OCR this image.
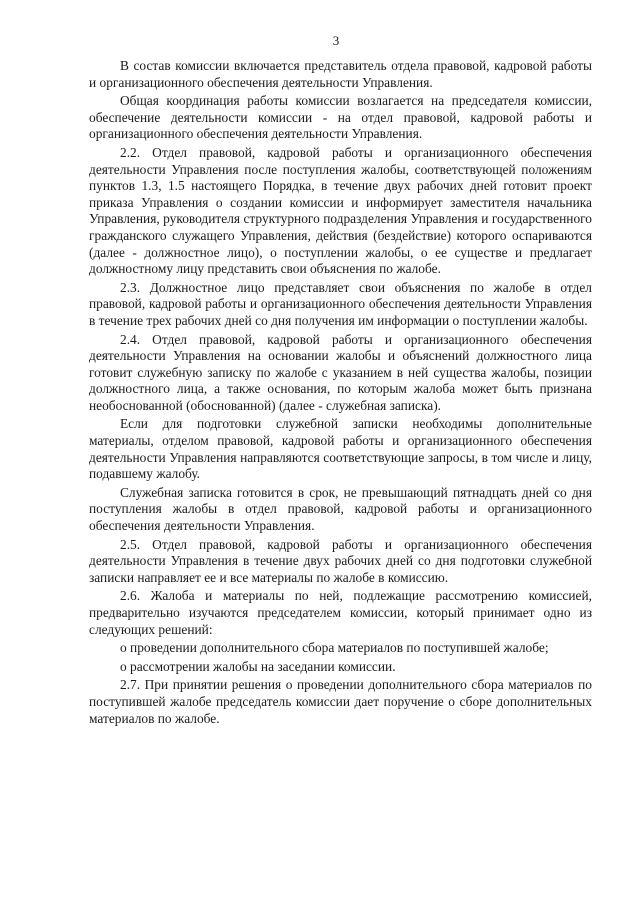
3

В состав комиссии включается представитель отдела правовой, кадровой работы и организационного обеспечения деятельности Управления.

Общая координация работы комиссии возлагается на председателя комиссии, обеспечение деятельности комиссии - на отдел правовой, кадровой работы и организационного обеспечения деятельности Управления.

2.2. Отдел правовой, кадровой работы и организационного обеспечения деятельности Управления после поступления жалобы, соответствующей положениям пунктов 1.3, 1.5 настоящего Порядка, в течение двух рабочих дней готовит проект приказа Управления о создании комиссии и информирует заместителя начальника Управления, руководителя структурного подразделения Управления и государственного гражданского служащего Управления, действия (бездействие) которого оспариваются (далее - должностное лицо), о поступлении жалобы, о ее существе и предлагает должностному лицу представить свои объяснения по жалобе.

2.3. Должностное лицо представляет свои объяснения по жалобе в отдел правовой, кадровой работы и организационного обеспечения деятельности Управления в течение трех рабочих дней со дня получения им информации о поступлении жалобы.

2.4. Отдел правовой, кадровой работы и организационного обеспечения деятельности Управления на основании жалобы и объяснений должностного лица готовит служебную записку по жалобе с указанием в ней существа жалобы, позиции должностного лица, а также основания, по которым жалоба может быть признана необоснованной (обоснованной) (далее - служебная записка).

Если для подготовки служебной записки необходимы дополнительные материалы, отделом правовой, кадровой работы и организационного обеспечения деятельности Управления направляются соответствующие запросы, в том числе и лицу, подавшему жалобу.

Служебная записка готовится в срок, не превышающий пятнадцать дней со дня поступления жалобы в отдел правовой, кадровой работы и организационного обеспечения деятельности Управления.

2.5. Отдел правовой, кадровой работы и организационного обеспечения деятельности Управления в течение двух рабочих дней со дня подготовки служебной записки направляет ее и все материалы по жалобе в комиссию.

2.6. Жалоба и материалы по ней, подлежащие рассмотрению комиссией, предварительно изучаются председателем комиссии, который принимает одно из следующих решений:

о проведении дополнительного сбора материалов по поступившей жалобе;

о рассмотрении жалобы на заседании комиссии.

2.7. При принятии решения о проведении дополнительного сбора материалов по поступившей жалобе председатель комиссии дает поручение о сборе дополнительных материалов по жалобе.
